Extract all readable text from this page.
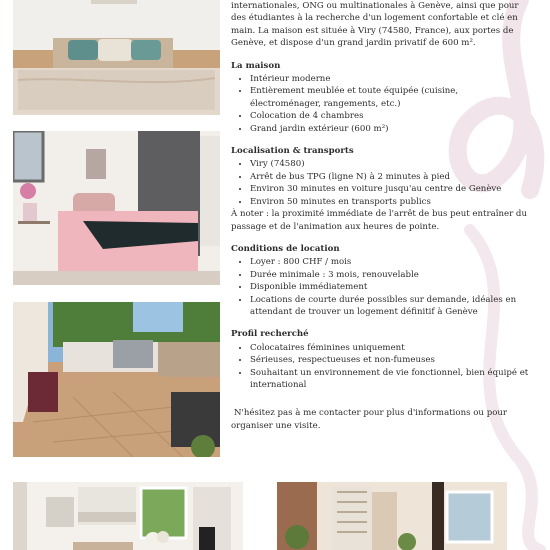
internationales, ONG ou multinationales à Genève, ainsi que pour des étudiantes à la recherche d'un logement confortable et clé en main. La maison est située à Viry (74580, France), aux portes de Genève, et dispose d'un grand jardin privatif de 600 m².

La maison
• Intérieur moderne
• Entièrement meublée et toute équipée (cuisine, électroménager, rangements, etc.)
• Colocation de 4 chambres
• Grand jardin extérieur (600 m²)
Localisation & transports
• Viry (74580)
• Arrêt de bus TPG (ligne N) à 2 minutes à pied
• Environ 30 minutes en voiture jusqu'au centre de Genève
• Environ 50 minutes en transports publics

À noter : la proximité immédiate de l'arrêt de bus peut entraîner du passage et de l'animation aux heures de pointe.

Conditions de location
• Loyer : 800 CHF / mois
• Durée minimale : 3 mois, renouvelable
• Disponible immédiatement
• Locations de courte durée possibles sur demande, idéales en attendant de trouver un logement définitif à Genève
Profil recherché
• Colocataires féminines uniquement
• Sérieuses, respectueuses et non-fumeuses
• Souhaitant un environnement de vie fonctionnel, bien équipé et international

N'hésitez pas à me contacter pour plus d'informations ou pour organiser une visite.
